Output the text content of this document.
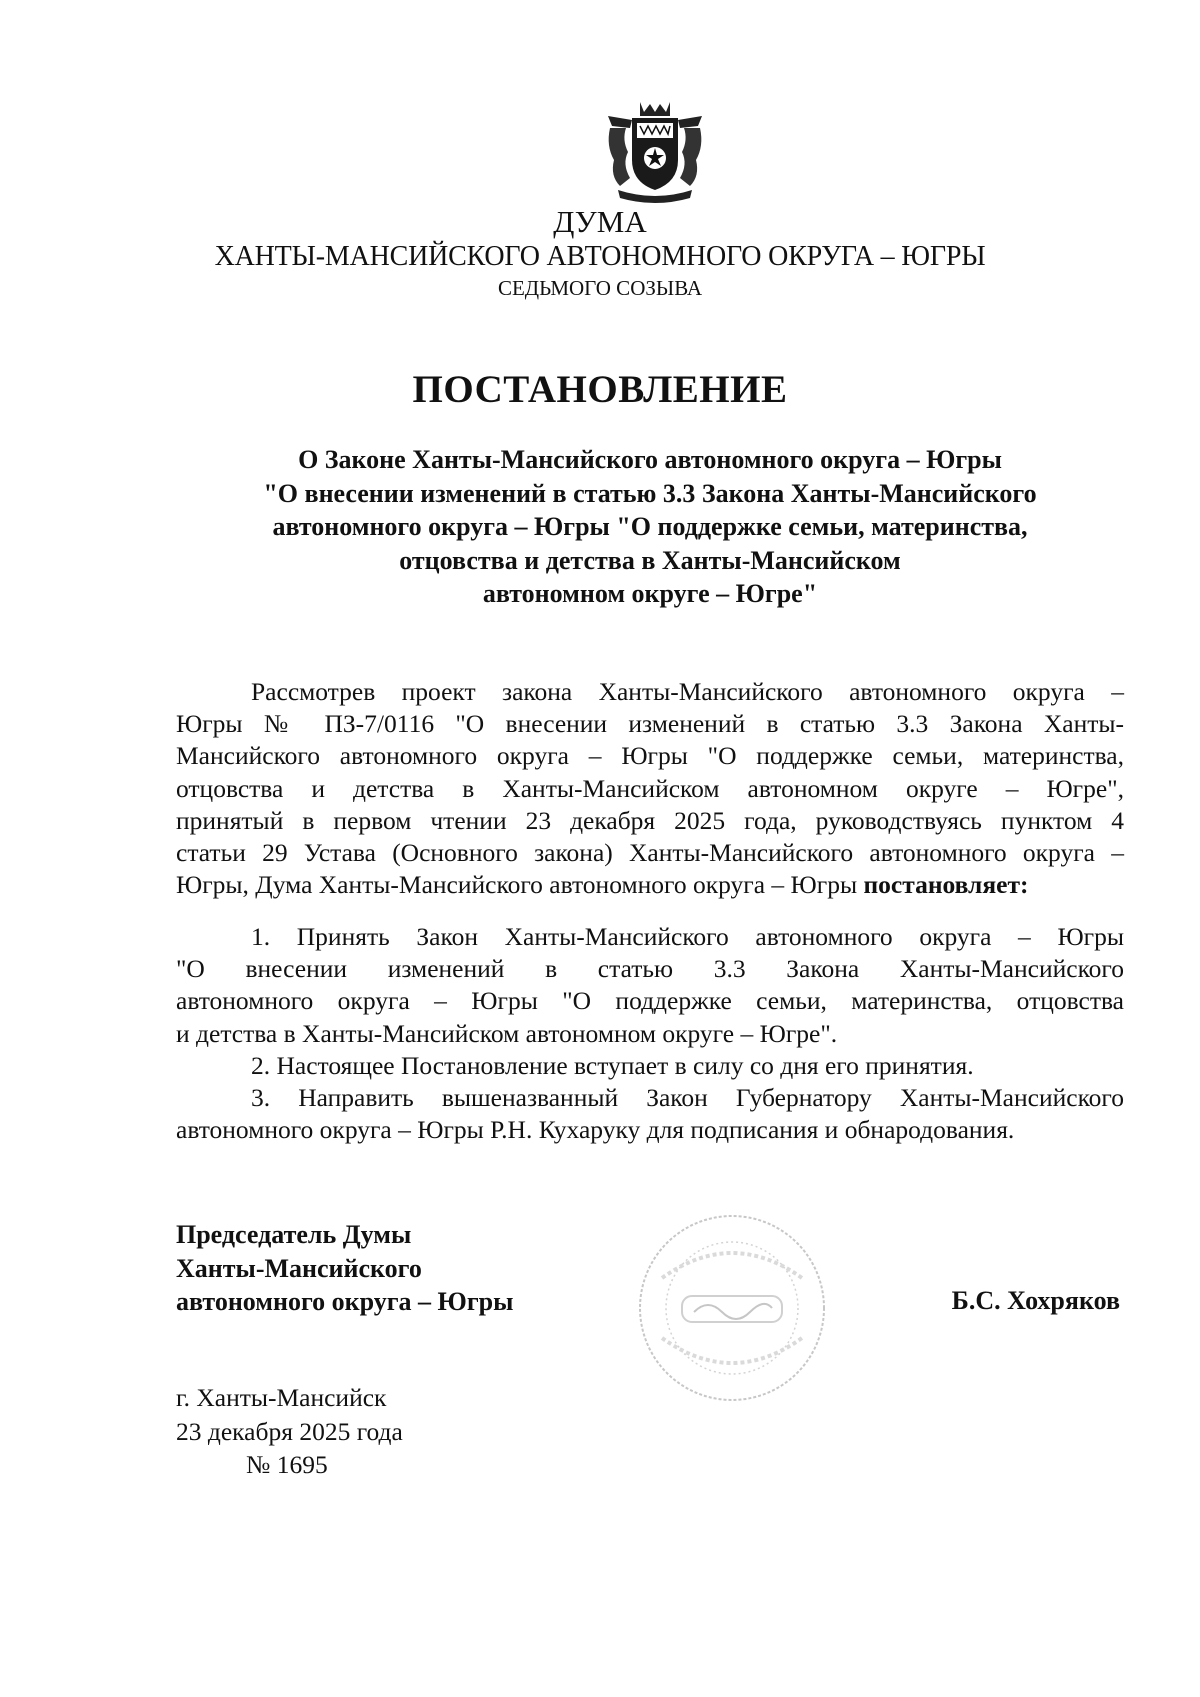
ДУМА
ХАНТЫ-МАНСИЙСКОГО АВТОНОМНОГО ОКРУГА – ЮГРЫ
СЕДЬМОГО СОЗЫВА
ПОСТАНОВЛЕНИЕ
О Законе Ханты-Мансийского автономного округа – Югры
"О внесении изменений в статью 3.3 Закона Ханты-Мансийского
автономного округа – Югры "О поддержке семьи, материнства,
отцовства и детства в Ханты-Мансийском
автономном округе – Югре"
Рассмотрев проект закона Ханты-Мансийского автономного округа –
Югры № ПЗ-7/0116 "О внесении изменений в статью 3.3 Закона Ханты-
Мансийского автономного округа – Югры "О поддержке семьи, материнства,
отцовства и детства в Ханты-Мансийском автономном округе – Югре",
принятый в первом чтении 23 декабря 2025 года, руководствуясь пунктом 4
статьи 29 Устава (Основного закона) Ханты-Мансийского автономного округа –
Югры, Дума Ханты-Мансийского автономного округа – Югры постановляет:
1. Принять Закон Ханты-Мансийского автономного округа – Югры
"О внесении изменений в статью 3.3 Закона Ханты-Мансийского
автономного округа – Югры "О поддержке семьи, материнства, отцовства
и детства в Ханты-Мансийском автономном округе – Югре".
2. Настоящее Постановление вступает в силу со дня его принятия.
3. Направить вышеназванный Закон Губернатору Ханты-Мансийского
автономного округа – Югры Р.Н. Кухаруку для подписания и обнародования.
Председатель Думы
Ханты-Мансийского
автономного округа – Югры	Б.С. Хохряков
г. Ханты-Мансийск
23 декабря 2025 года
№ 1695
